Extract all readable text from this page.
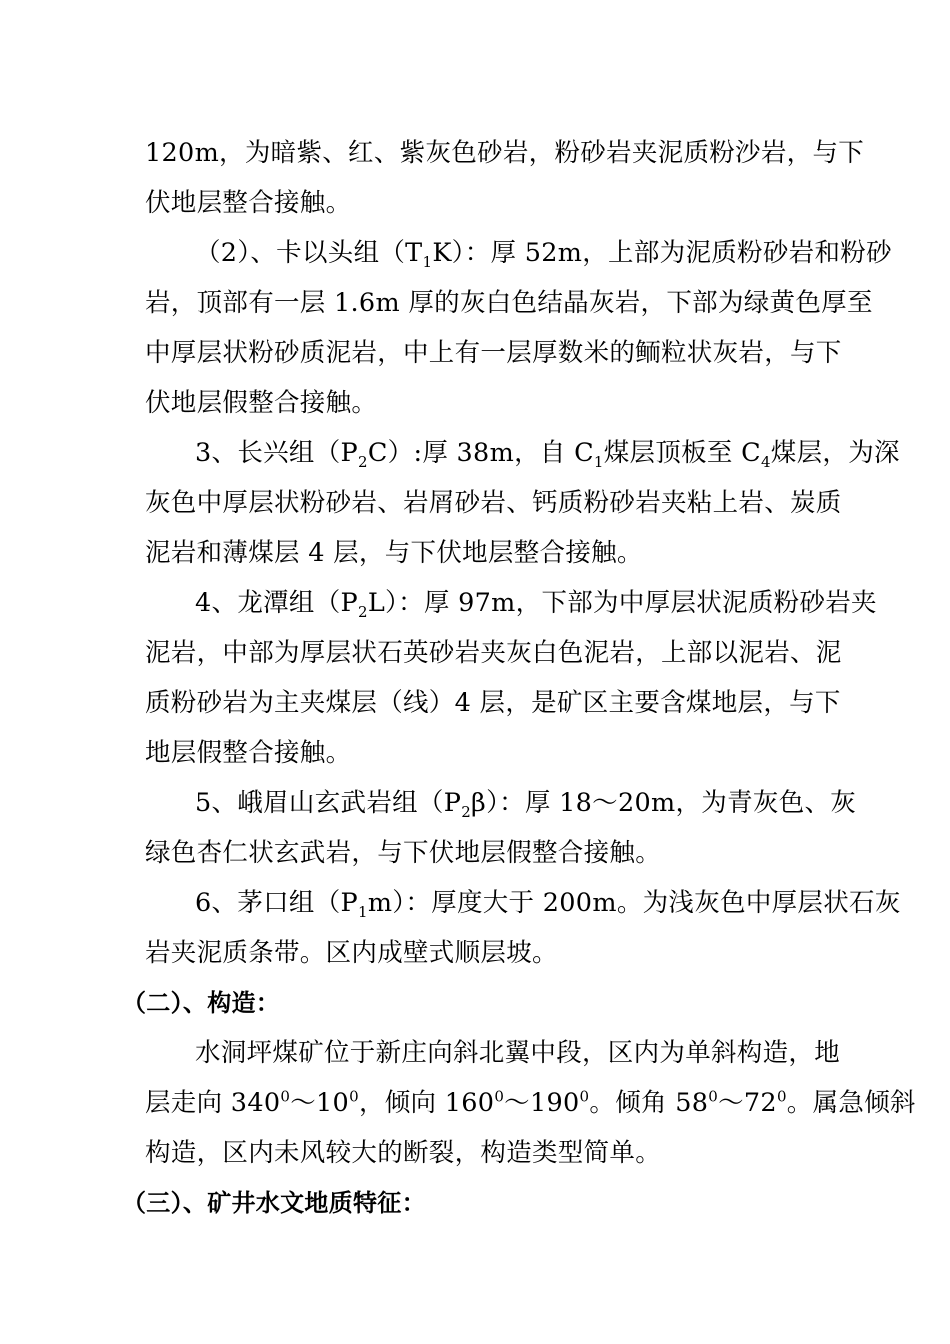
120m，为暗紫、红、紫灰色砂岩，粉砂岩夹泥质粉沙岩，与下
伏地层整合接触。
（2）、卡以头组$(T_1K)$：厚 52m，上部为泥质粉砂岩和粉砂
岩，顶部有一层 1.6m 厚的灰白色结晶灰岩，下部为绿黄色厚至
中厚层状粉砂质泥岩，中上有一层厚数米的鲕粒状灰岩，与下
伏地层假整合接触。
3、长兴组$(P_2C)$:厚 38m，自 $C_1$煤层顶板至 $C_4$煤层，为深
灰色中厚层状粉砂岩、岩屑砂岩、钙质粉砂岩夹粘上岩、炭质
泥岩和薄煤层 4 层，与下伏地层整合接触。
4、龙潭组$(P_2L)$：厚 97m，下部为中厚层状泥质粉砂岩夹
泥岩，中部为厚层状石英砂岩夹灰白色泥岩，上部以泥岩、泥
质粉砂岩为主夹煤层（线）4 层，是矿区主要含煤地层，与下
地层假整合接触。
5、峨眉山玄武岩组$(P_2\beta)$：厚 18～20m，为青灰色、灰
绿色杏仁状玄武岩，与下伏地层假整合接触。
6、茅口组$(P_1m)$：厚度大于 200m。为浅灰色中厚层状石灰
岩夹泥质条带。区内成壁式顺层坡。
（二）、构造：
水洞坪煤矿位于新庄向斜北翼中段，区内为单斜构造，地
层走向 $340^0\sim 10^0$，倾向 $160^0\sim 190^0$。倾角 $58^0\sim 72^0$。属急倾斜
构造，区内未风较大的断裂，构造类型简单。
（三）、矿井水文地质特征：
